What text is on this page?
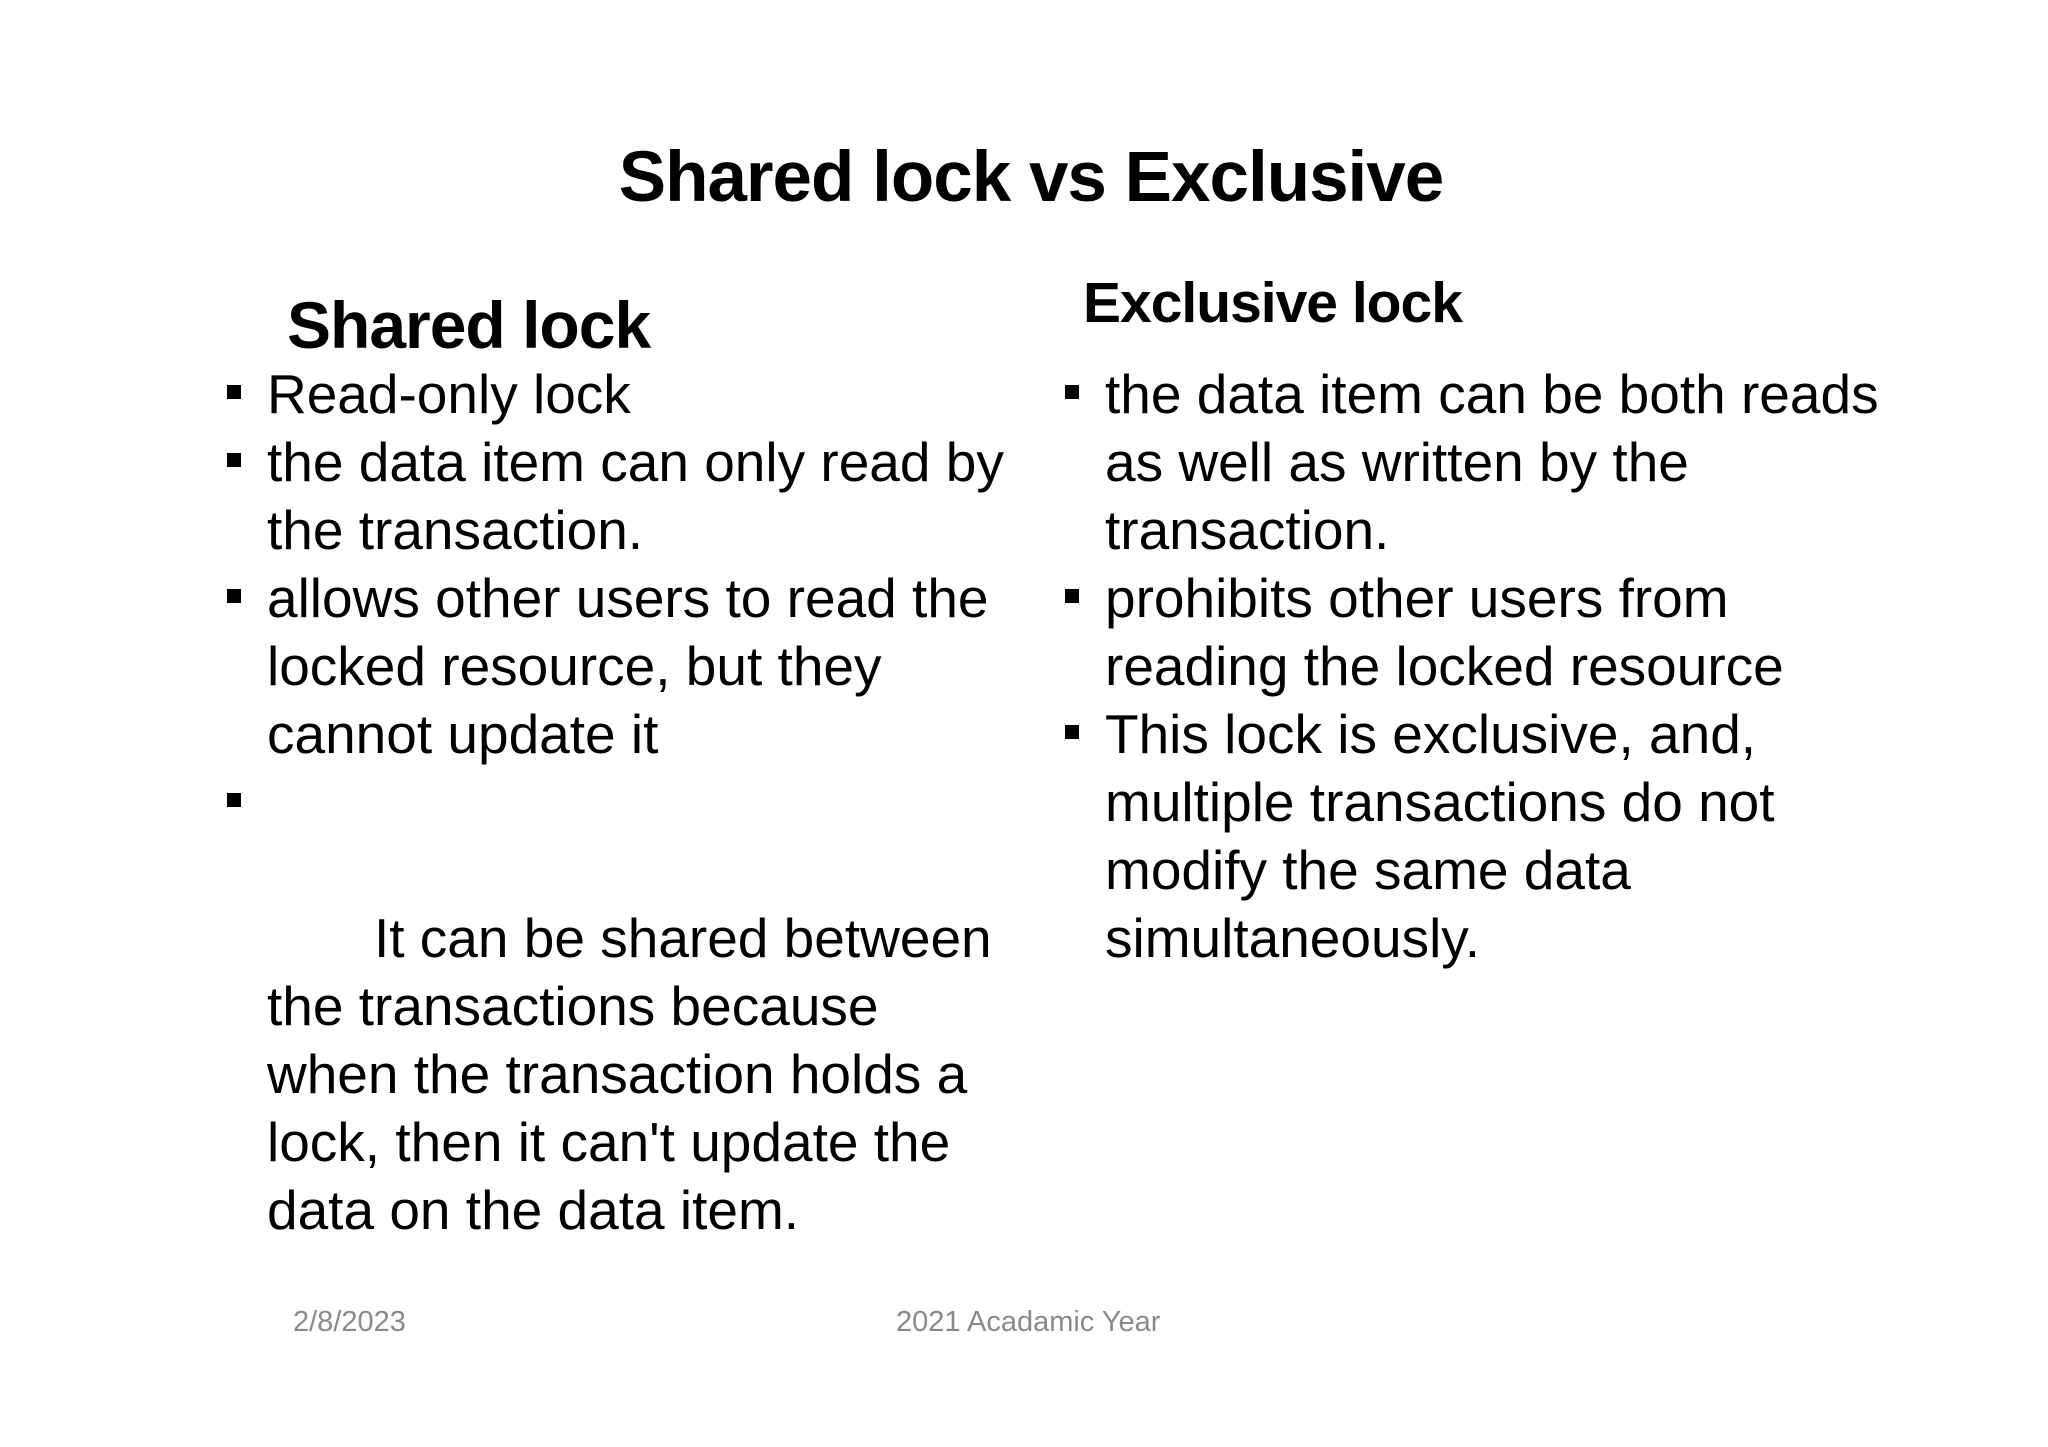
Shared lock vs Exclusive
Shared lock
Read-only lock
the data item can only read by the transaction.
allows other users to read the locked resource, but they cannot update it

It can be shared between the transactions because when the transaction holds a lock, then it can't update the data on the data item.

Exclusive lock
the data item can be both reads as well as written by the transaction.
prohibits other users from reading the locked resource
This lock is exclusive, and, multiple transactions do not modify the same data simultaneously.
2/8/2023	2021 Acadamic Year
